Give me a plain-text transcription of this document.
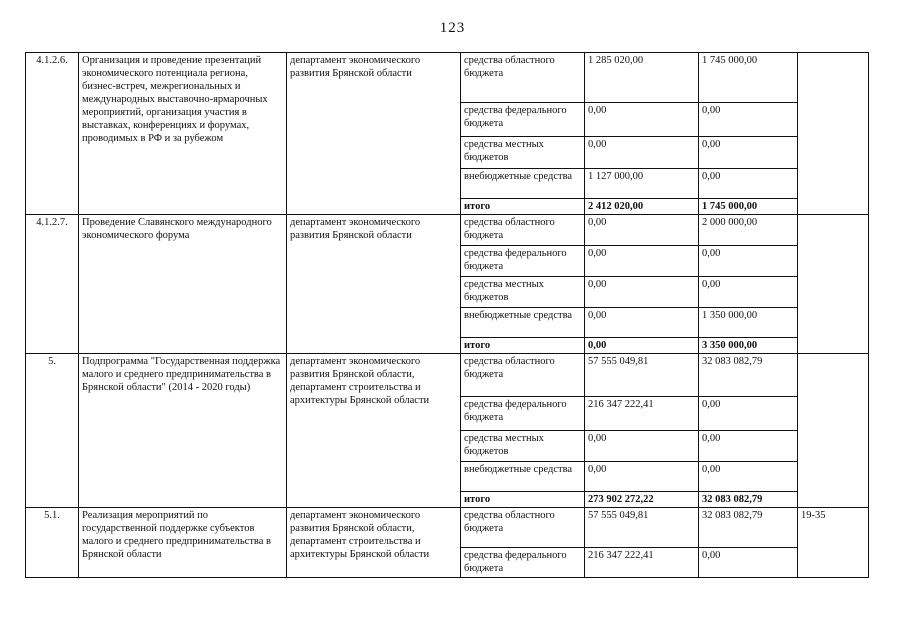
123
4.1.2.6.	Организация и проведение презентаций экономического потенциала региона, бизнес-встреч, межрегиональных и международных выставочно-ярмарочных мероприятий, организация участия в выставках, конференциях и форумах, проводимых в РФ и за рубежом	департамент экономического развития Брянской области	средства областного бюджета	1 285 020,00	1 745 000,00	
			средства федерального бюджета	0,00	0,00	
			средства местных бюджетов	0,00	0,00	
			внебюджетные средства	1 127 000,00	0,00	
			итого	2 412 020,00	1 745 000,00	
4.1.2.7.	Проведение Славянского международного экономического форума	департамент экономического развития Брянской области	средства областного бюджета	0,00	2 000 000,00	
			средства федерального бюджета	0,00	0,00	
			средства местных бюджетов	0,00	0,00	
			внебюджетные средства	0,00	1 350 000,00	
			итого	0,00	3 350 000,00	
5.	Подпрограмма "Государственная поддержка малого и среднего предпринимательства в Брянской области" (2014 - 2020 годы)	департамент экономического развития Брянской области, департамент строительства и архитектуры Брянской области	средства областного бюджета	57 555 049,81	32 083 082,79	
			средства федерального бюджета	216 347 222,41	0,00	
			средства местных бюджетов	0,00	0,00	
			внебюджетные средства	0,00	0,00	
			итого	273 902 272,22	32 083 082,79	
5.1.	Реализация мероприятий по государственной поддержке субъектов малого и среднего предпринимательства в Брянской области	департамент экономического развития Брянской области, департамент строительства и архитектуры Брянской области	средства областного бюджета	57 555 049,81	32 083 082,79	19-35
			средства федерального бюджета	216 347 222,41	0,00	
